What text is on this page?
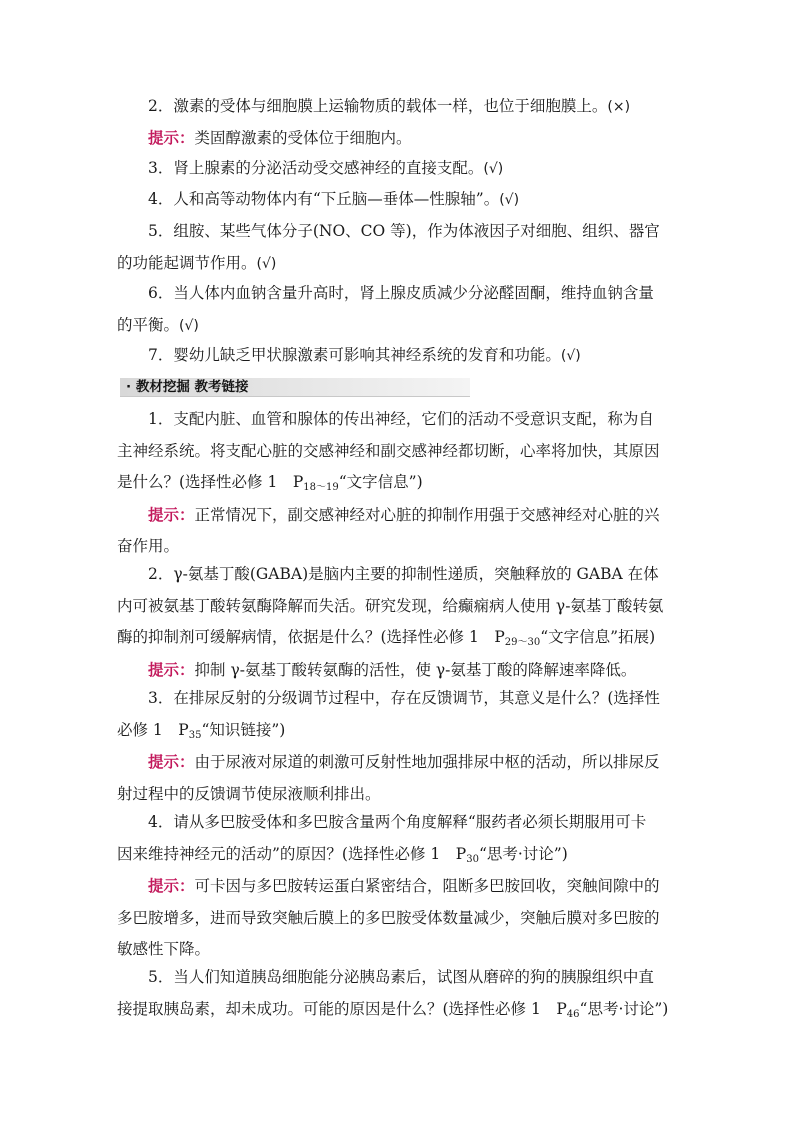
2．激素的受体与细胞膜上运输物质的载体一样，也位于细胞膜上。(×)
提示：类固醇激素的受体位于细胞内。
3．肾上腺素的分泌活动受交感神经的直接支配。(√)
4．人和高等动物体内有“下丘脑—垂体—性腺轴”。(√)
5．组胺、某些气体分子(NO、CO 等)，作为体液因子对细胞、组织、器官
的功能起调节作用。(√)
6．当人体内血钠含量升高时，肾上腺皮质减少分泌醛固酮，维持血钠含量
的平衡。(√)
7．婴幼儿缺乏甲状腺激素可影响其神经系统的发育和功能。(√)
· 教材挖掘 教考链接
1．支配内脏、血管和腺体的传出神经，它们的活动不受意识支配，称为自
主神经系统。将支配心脏的交感神经和副交感神经都切断，心率将加快，其原因
是什么？(选择性必修 1　$P_{18\sim 19}“$文字信息”)
提示：正常情况下，副交感神经对心脏的抑制作用强于交感神经对心脏的兴
奋作用。
2．γ-氨基丁酸(GABA)是脑内主要的抑制性递质，突触释放的 GABA 在体
内可被氨基丁酸转氨酶降解而失活。研究发现，给癫痫病人使用 γ-氨基丁酸转氨
酶的抑制剂可缓解病情，依据是什么？(选择性必修 1　$P_{29\sim 30}“$文字信息”拓展)
提示：抑制 γ-氨基丁酸转氨酶的活性，使 γ-氨基丁酸的降解速率降低。
3．在排尿反射的分级调节过程中，存在反馈调节，其意义是什么？(选择性
必修 1　$P_{35}“$知识链接”)
提示：由于尿液对尿道的刺激可反射性地加强排尿中枢的活动，所以排尿反
射过程中的反馈调节使尿液顺利排出。
4．请从多巴胺受体和多巴胺含量两个角度解释“服药者必须长期服用可卡
因来维持神经元的活动”的原因？(选择性必修 1　$P_{30}“$思考·讨论”)
提示：可卡因与多巴胺转运蛋白紧密结合，阻断多巴胺回收，突触间隙中的
多巴胺增多，进而导致突触后膜上的多巴胺受体数量减少，突触后膜对多巴胺的
敏感性下降。
5．当人们知道胰岛细胞能分泌胰岛素后，试图从磨碎的狗的胰腺组织中直
接提取胰岛素，却未成功。可能的原因是什么？(选择性必修 1　$P_{46}“$思考·讨论”)
